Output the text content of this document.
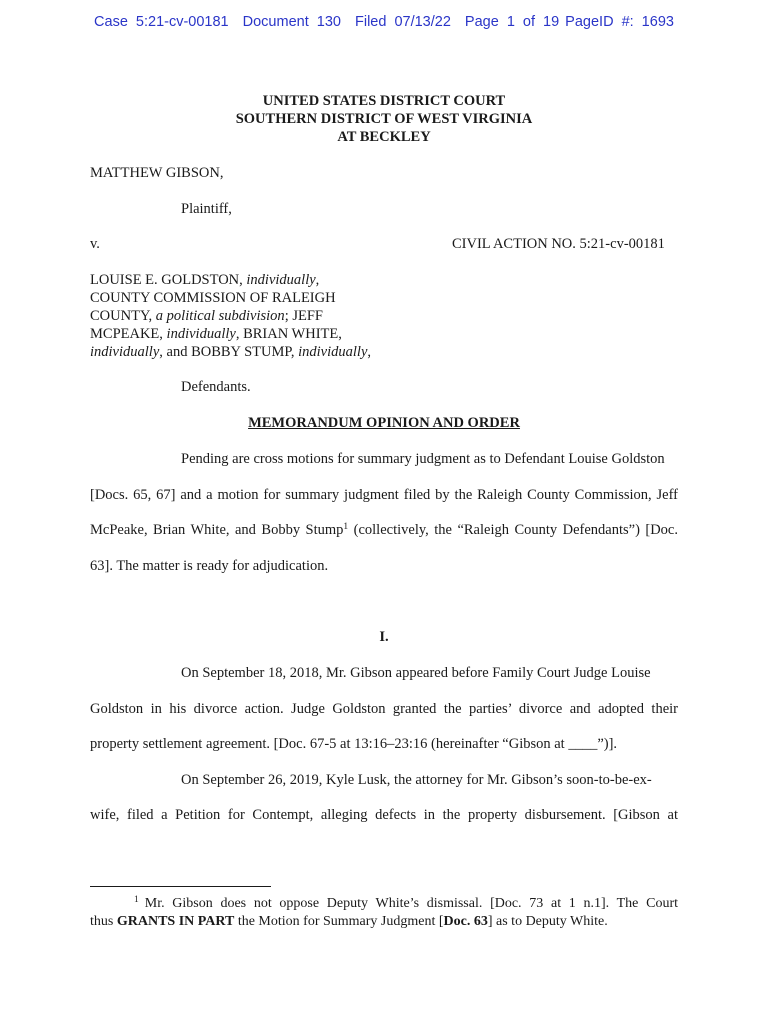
Case 5:21-cv-00181 Document 130 Filed 07/13/22 Page 1 of 19 PageID #: 1693
UNITED STATES DISTRICT COURT
SOUTHERN DISTRICT OF WEST VIRGINIA
AT BECKLEY
MATTHEW GIBSON,
Plaintiff,
v.	CIVIL ACTION NO. 5:21-cv-00181
LOUISE E. GOLDSTON, individually,
COUNTY COMMISSION OF RALEIGH
COUNTY, a political subdivision; JEFF
MCPEAKE, individually, BRIAN WHITE,
individually, and BOBBY STUMP, individually,
Defendants.
MEMORANDUM OPINION AND ORDER
Pending are cross motions for summary judgment as to Defendant Louise Goldston
[Docs. 65, 67] and a motion for summary judgment filed by the Raleigh County Commission, Jeff
McPeake, Brian White, and Bobby Stump$^1$ (collectively, the “Raleigh County Defendants”) [Doc.
63]. The matter is ready for adjudication.
I.
On September 18, 2018, Mr. Gibson appeared before Family Court Judge Louise
Goldston in his divorce action. Judge Goldston granted the parties’ divorce and adopted their
property settlement agreement. [Doc. 67-5 at 13:16–23:16 (hereinafter “Gibson at ____”)].
On September 26, 2019, Kyle Lusk, the attorney for Mr. Gibson’s soon-to-be-ex-
wife, filed a Petition for Contempt, alleging defects in the property disbursement. [Gibson at
$^1$ Mr. Gibson does not oppose Deputy White’s dismissal. [Doc. 73 at 1 n.1]. The Court
thus GRANTS IN PART the Motion for Summary Judgment [Doc. 63] as to Deputy White.
